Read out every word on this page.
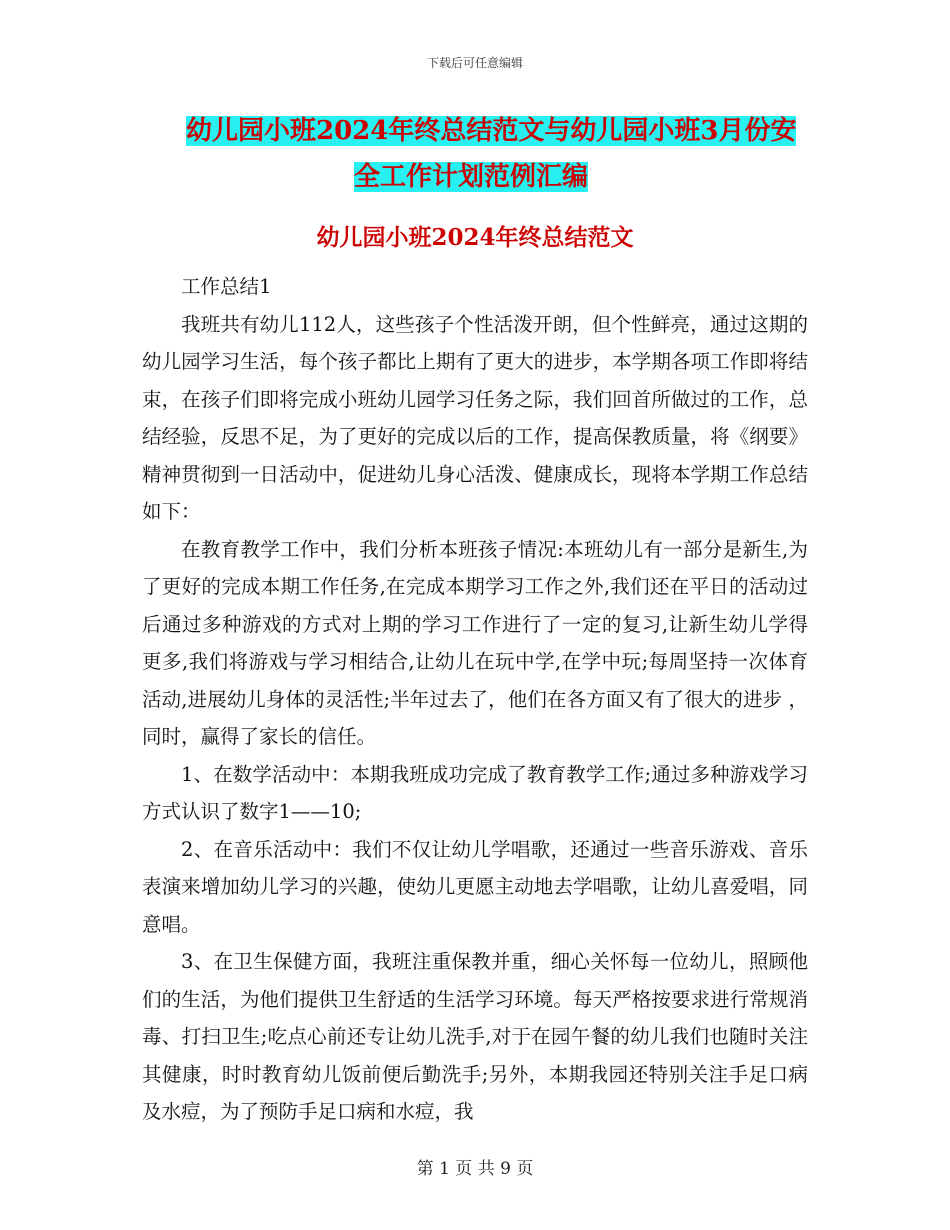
下载后可任意编辑
幼儿园小班2024年终总结范文与幼儿园小班3月份安
全工作计划范例汇编
幼儿园小班2024年终总结范文

工作总结1

我班共有幼儿112人，这些孩子个性活泼开朗，但个性鲜亮，通过这期的幼儿园学习生活，每个孩子都比上期有了更大的进步，本学期各项工作即将结束，在孩子们即将完成小班幼儿园学习任务之际，我们回首所做过的工作，总结经验，反思不足，为了更好的完成以后的工作，提高保教质量，将《纲要》精神贯彻到一日活动中，促进幼儿身心活泼、健康成长，现将本学期工作总结如下：

在教育教学工作中，我们分析本班孩子情况:本班幼儿有一部分是新生,为了更好的完成本期工作任务,在完成本期学习工作之外,我们还在平日的活动过后通过多种游戏的方式对上期的学习工作进行了一定的复习,让新生幼儿学得更多,我们将游戏与学习相结合,让幼儿在玩中学,在学中玩;每周坚持一次体育活动,进展幼儿身体的灵活性;半年过去了，他们在各方面又有了很大的进步 ，同时，赢得了家长的信任。

1、在数学活动中：本期我班成功完成了教育教学工作;通过多种游戏学习方式认识了数字1——10;

2、在音乐活动中：我们不仅让幼儿学唱歌，还通过一些音乐游戏、音乐表演来增加幼儿学习的兴趣，使幼儿更愿主动地去学唱歌，让幼儿喜爱唱，同意唱。

3、在卫生保健方面，我班注重保教并重，细心关怀每一位幼儿，照顾他们的生活，为他们提供卫生舒适的生活学习环境。每天严格按要求进行常规消毒、打扫卫生;吃点心前还专让幼儿洗手,对于在园午餐的幼儿我们也随时关注其健康，时时教育幼儿饭前便后勤洗手;另外，本期我园还特别关注手足口病及水痘，为了预防手足口病和水痘，我

第 1 页 共 9 页
